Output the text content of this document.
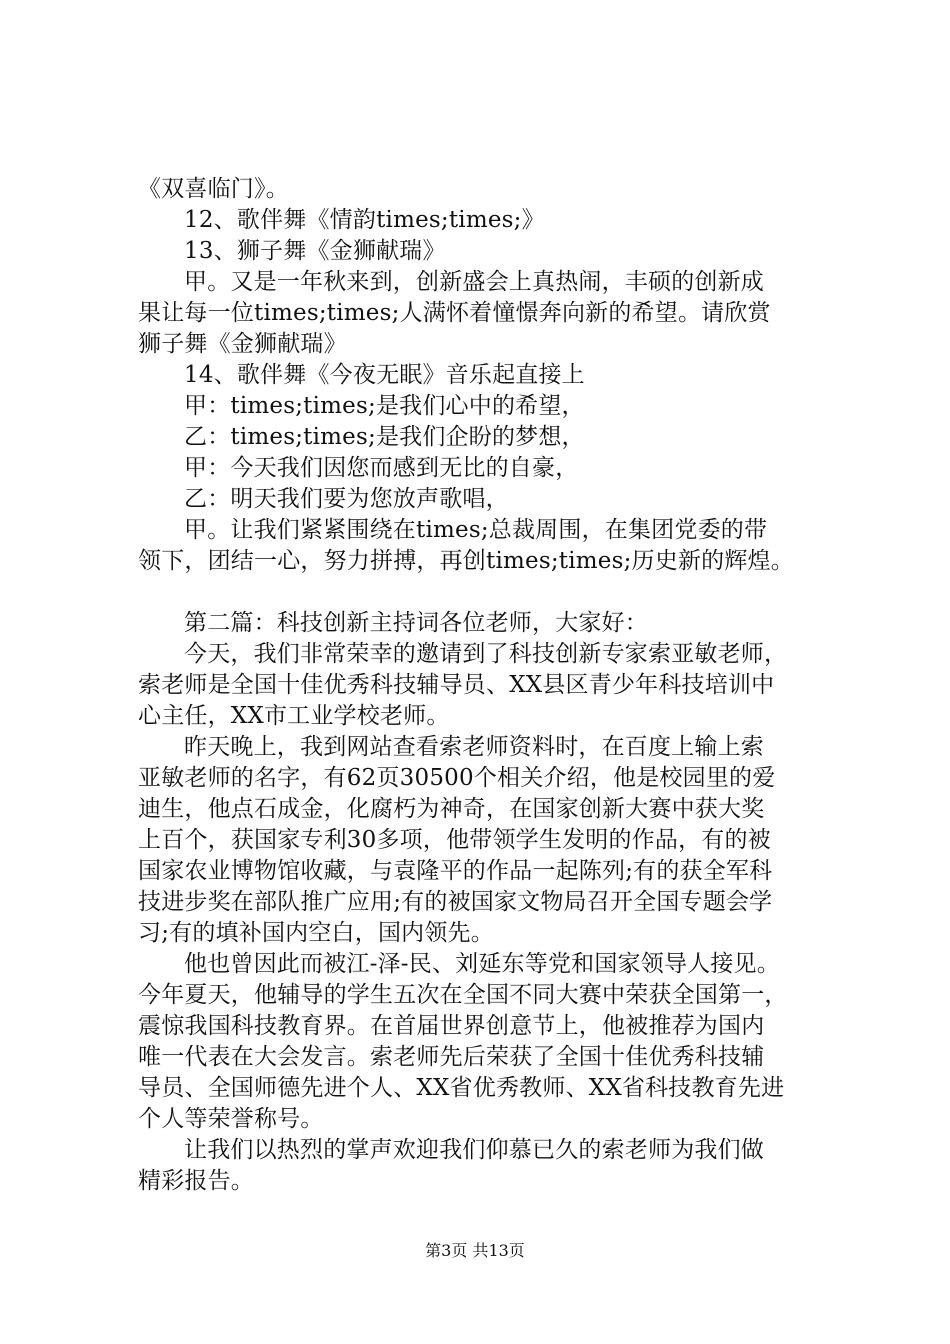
《双喜临门》。
12、歌伴舞《情韵times;times;》
13、狮子舞《金狮献瑞》
甲。又是一年秋来到，创新盛会上真热闹，丰硕的创新成
果让每一位times;times;人满怀着憧憬奔向新的希望。请欣赏
狮子舞《金狮献瑞》
14、歌伴舞《今夜无眠》音乐起直接上
甲：times;times;是我们心中的希望，
乙：times;times;是我们企盼的梦想，
甲：今天我们因您而感到无比的自豪，
乙：明天我们要为您放声歌唱，
甲。让我们紧紧围绕在times;总裁周围，在集团党委的带
领下，团结一心，努力拼搏，再创times;times;历史新的辉煌。
第二篇：科技创新主持词各位老师，大家好：
今天，我们非常荣幸的邀请到了科技创新专家索亚敏老师，
索老师是全国十佳优秀科技辅导员、XX县区青少年科技培训中
心主任，XX市工业学校老师。
昨天晚上，我到网站查看索老师资料时，在百度上输上索
亚敏老师的名字，有62页30500个相关介绍，他是校园里的爱
迪生，他点石成金，化腐朽为神奇，在国家创新大赛中获大奖
上百个，获国家专利30多项，他带领学生发明的作品，有的被
国家农业博物馆收藏，与袁隆平的作品一起陈列;有的获全军科
技进步奖在部队推广应用;有的被国家文物局召开全国专题会学
习;有的填补国内空白，国内领先。
他也曾因此而被江-泽-民、刘延东等党和国家领导人接见。
今年夏天，他辅导的学生五次在全国不同大赛中荣获全国第一，
震惊我国科技教育界。在首届世界创意节上，他被推荐为国内
唯一代表在大会发言。索老师先后荣获了全国十佳优秀科技辅
导员、全国师德先进个人、XX省优秀教师、XX省科技教育先进
个人等荣誉称号。
让我们以热烈的掌声欢迎我们仰慕已久的索老师为我们做
精彩报告。
第3页 共13页
